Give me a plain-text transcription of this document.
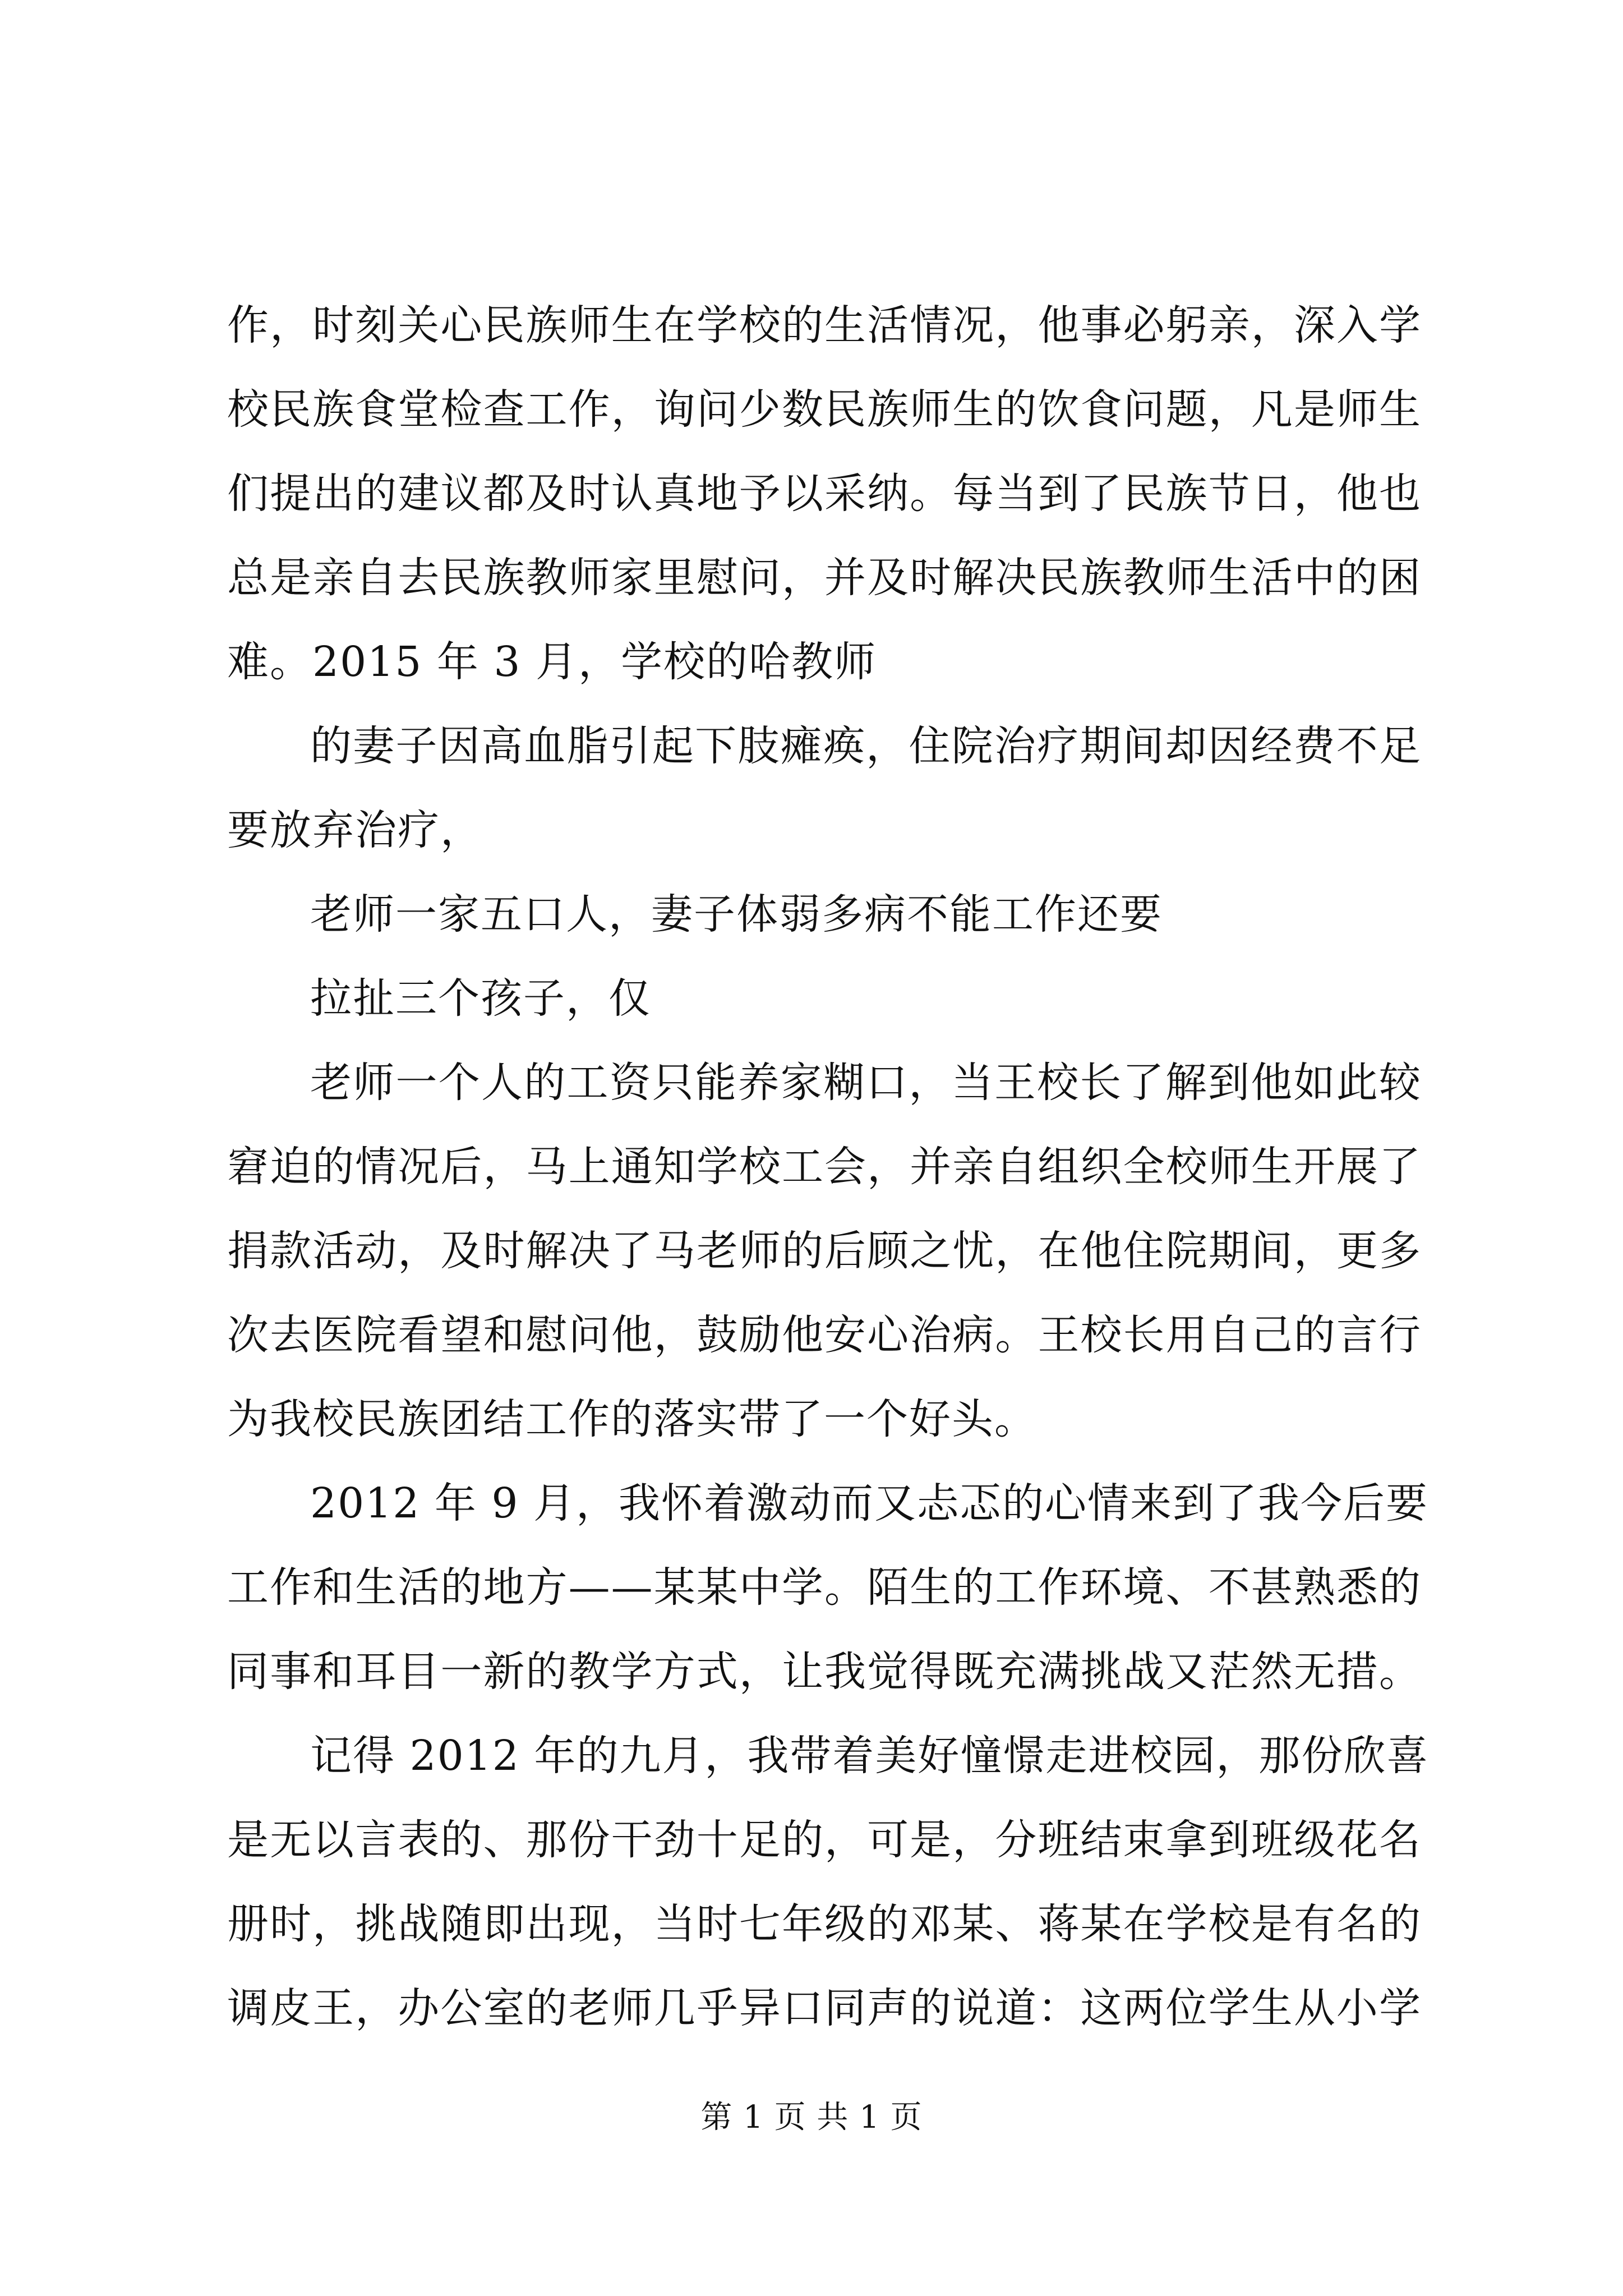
作，时刻关心民族师生在学校的生活情况，他事必躬亲，深入学
校民族食堂检查工作，询问少数民族师生的饮食问题，凡是师生
们提出的建议都及时认真地予以采纳。每当到了民族节日，他也
总是亲自去民族教师家里慰问，并及时解决民族教师生活中的困
难。2015 年 3 月，学校的哈教师
的妻子因高血脂引起下肢瘫痪，住院治疗期间却因经费不足
要放弃治疗，
老师一家五口人，妻子体弱多病不能工作还要
拉扯三个孩子，仅
老师一个人的工资只能养家糊口，当王校长了解到他如此较
窘迫的情况后，马上通知学校工会，并亲自组织全校师生开展了
捐款活动，及时解决了马老师的后顾之忧，在他住院期间，更多
次去医院看望和慰问他，鼓励他安心治病。王校长用自己的言行
为我校民族团结工作的落实带了一个好头。
2012 年 9 月，我怀着激动而又忐忑的心情来到了我今后要
工作和生活的地方——某某中学。陌生的工作环境、不甚熟悉的
同事和耳目一新的教学方式，让我觉得既充满挑战又茫然无措。
记得 2012 年的九月，我带着美好憧憬走进校园，那份欣喜
是无以言表的、那份干劲十足的，可是，分班结束拿到班级花名
册时，挑战随即出现，当时七年级的邓某、蒋某在学校是有名的
调皮王，办公室的老师几乎异口同声的说道：这两位学生从小学
第 1 页 共 1 页
